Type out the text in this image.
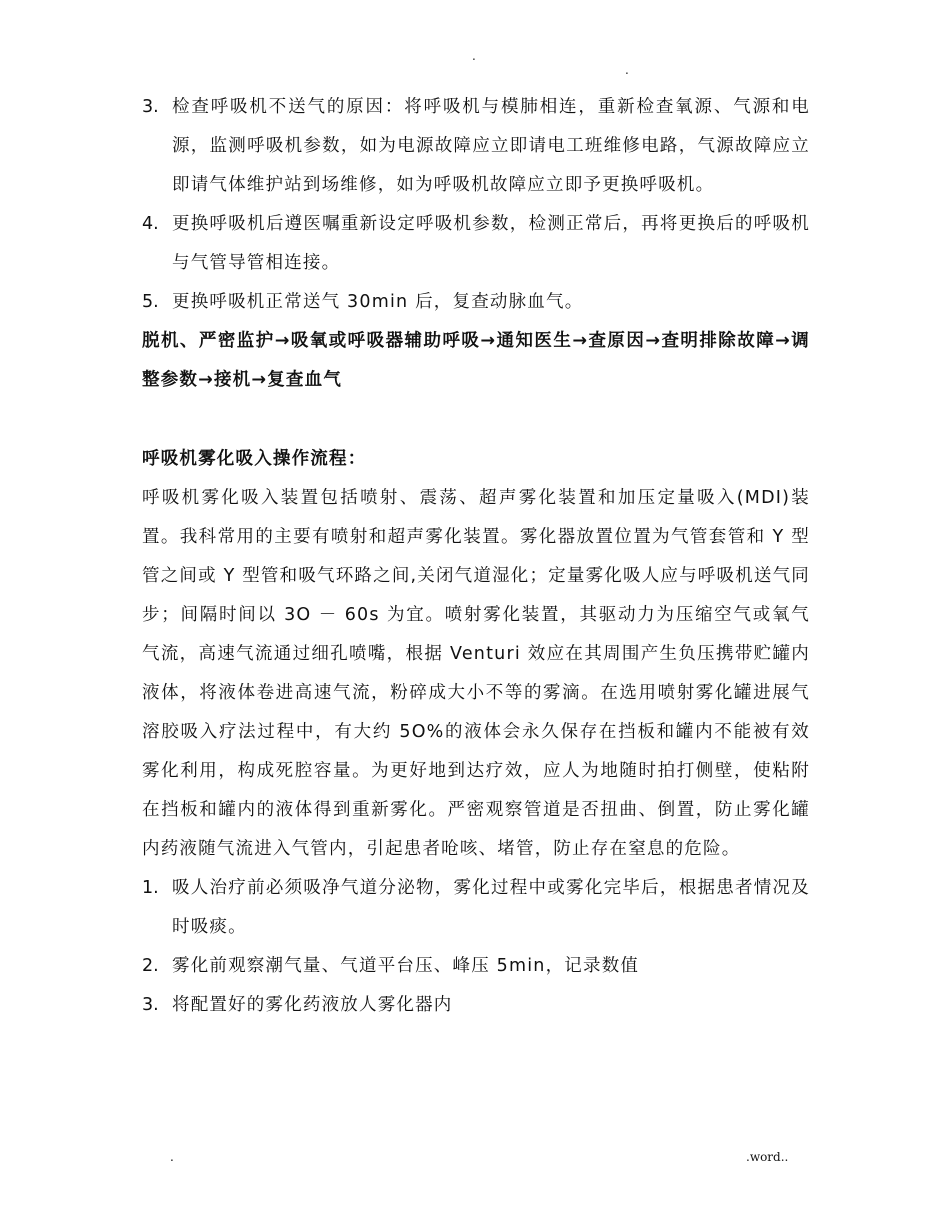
.
.
3. 检查呼吸机不送气的原因：将呼吸机与模肺相连，重新检查氧源、气源和电源，监测呼吸机参数，如为电源故障应立即请电工班维修电路，气源故障应立即请气体维护站到场维修，如为呼吸机故障应立即予更换呼吸机。
4. 更换呼吸机后遵医嘱重新设定呼吸机参数，检测正常后，再将更换后的呼吸机与气管导管相连接。
5. 更换呼吸机正常送气 30min 后，复查动脉血气。
脱机、严密监护→吸氧或呼吸器辅助呼吸→通知医生→查原因→查明排除故障→调整参数→接机→复查血气
呼吸机雾化吸入操作流程：
呼吸机雾化吸入装置包括喷射、震荡、超声雾化装置和加压定量吸入(MDI)装置。我科常用的主要有喷射和超声雾化装置。雾化器放置位置为气管套管和 Y 型管之间或 Y 型管和吸气环路之间,关闭气道湿化；定量雾化吸人应与呼吸机送气同步；间隔时间以 3O － 60s 为宜。喷射雾化装置，其驱动力为压缩空气或氧气气流，高速气流通过细孔喷嘴，根据 Venturi 效应在其周围产生负压携带贮罐内液体，将液体卷进高速气流，粉碎成大小不等的雾滴。在选用喷射雾化罐进展气溶胶吸入疗法过程中，有大约 5O%的液体会永久保存在挡板和罐内不能被有效雾化利用，构成死腔容量。为更好地到达疗效，应人为地随时拍打侧壁，使粘附在挡板和罐内的液体得到重新雾化。严密观察管道是否扭曲、倒置，防止雾化罐内药液随气流进入气管内，引起患者呛咳、堵管，防止存在窒息的危险。
1. 吸人治疗前必须吸净气道分泌物，雾化过程中或雾化完毕后，根据患者情况及时吸痰。
2. 雾化前观察潮气量、气道平台压、峰压 5min，记录数值
3. 将配置好的雾化药液放人雾化器内
.	.word..
